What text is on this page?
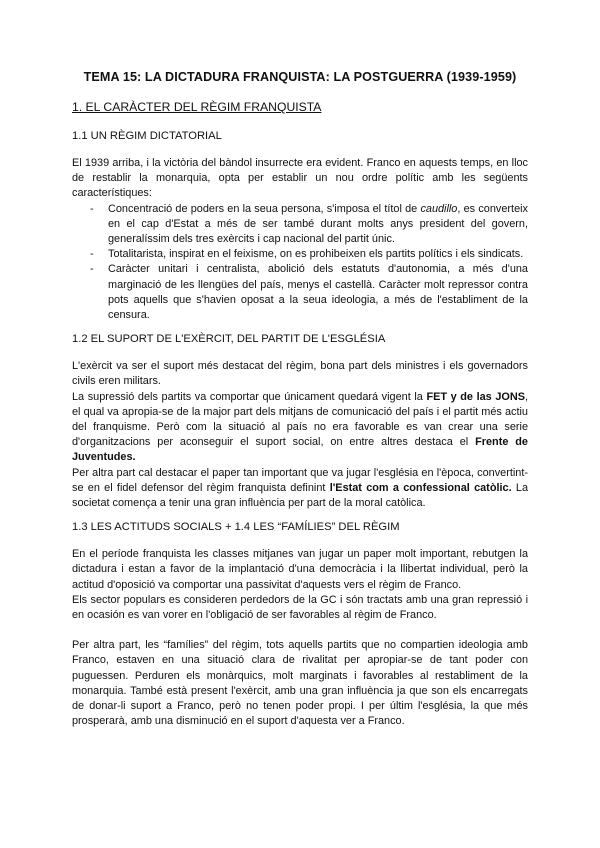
TEMA 15: LA DICTADURA FRANQUISTA: LA POSTGUERRA (1939-1959)
1. EL CARÀCTER DEL RÈGIM FRANQUISTA
1.1 UN RÈGIM DICTATORIAL

El 1939 arriba, i la victòria del bàndol insurrecte era evident. Franco en aquests temps, en lloc de restablir la monarquia, opta per establir un nou ordre polític amb les següents característiques:

- Concentració de poders en la seua persona, s'imposa el títol de caudillo, es converteix en el cap d'Estat a més de ser també durant molts anys president del govern, generalíssim dels tres exèrcits i cap nacional del partit únic.
- Totalitarista, inspirat en el feixisme, on es prohibeixen els partits polítics i els sindicats.
- Caràcter unitari i centralista, abolició dels estatuts d'autonomia, a més d'una marginació de les llengües del país, menys el castellà. Caràcter molt repressor contra pots aquells que s'havien oposat a la seua ideologia, a més de l'establiment de la censura.
1.2 EL SUPORT DE L'EXÈRCIT, DEL PARTIT DE L'ESGLÉSIA

L'exèrcit va ser el suport més destacat del règim, bona part dels ministres i els governadors civils eren militars.

La supressió dels partits va comportar que únicament quedará vigent la FET y de las JONS, el qual va apropia-se de la major part dels mitjans de comunicació del país i el partit més actiu del franquisme. Però com la situació al país no era favorable es van crear una serie d'organitzacions per aconseguir el suport social, on entre altres destaca el Frente de Juventudes.

Per altra part cal destacar el paper tan important que va jugar l'església en l'època, convertint-se en el fidel defensor del règim franquista definint l'Estat com a confessional catòlic. La societat comença a tenir una gran influència per part de la moral catòlica.

1.3 LES ACTITUDS SOCIALS + 1.4 LES “FAMÍLIES” DEL RÈGIM

En el període franquista les classes mitjanes van jugar un paper molt important, rebutgen la dictadura i estan a favor de la implantació d'una democràcia i la llibertat individual, però la actitud d'oposició va comportar una passivitat d'aquests vers el règim de Franco.

Els sector populars es consideren perdedors de la GC i són tractats amb una gran repressió i en ocasión es van vorer en l'obligació de ser favorables al règim de Franco.

Per altra part, les “famílies” del règim, tots aquells partits que no compartien ideologia amb Franco, estaven en una situació clara de rivalitat per apropiar-se de tant poder con puguessen. Perduren els monàrquics, molt marginats i favorables al restabliment de la monarquia. També està present l'exèrcit, amb una gran influència ja que son els encarregats de donar-li suport a Franco, però no tenen poder propi. I per últim l'església, la que més prosperarà, amb una disminució en el suport d'aquesta ver a Franco.
